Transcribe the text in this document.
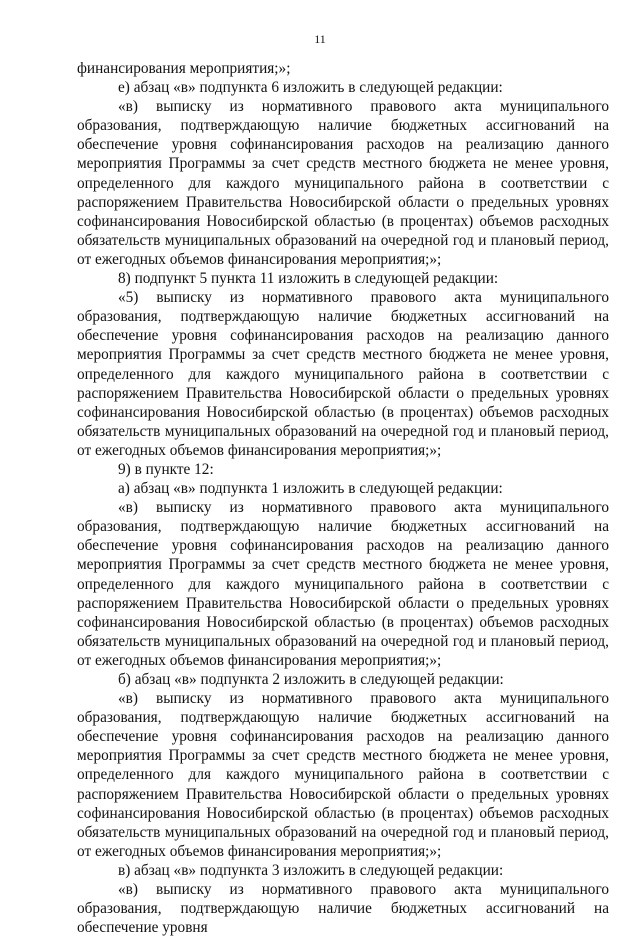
11

финансирования мероприятия;»;

е) абзац «в» подпункта 6 изложить в следующей редакции:

«в) выписку из нормативного правового акта муниципального образования, подтверждающую наличие бюджетных ассигнований на обеспечение уровня софинансирования расходов на реализацию данного мероприятия Программы за счет средств местного бюджета не менее уровня, определенного для каждого муниципального района в соответствии с распоряжением Правительства Новосибирской области о предельных уровнях софинансирования Новосибирской областью (в процентах) объемов расходных обязательств муниципальных образований на очередной год и плановый период, от ежегодных объемов финансирования мероприятия;»;

8) подпункт 5 пункта 11 изложить в следующей редакции:

«5) выписку из нормативного правового акта муниципального образования, подтверждающую наличие бюджетных ассигнований на обеспечение уровня софинансирования расходов на реализацию данного мероприятия Программы за счет средств местного бюджета не менее уровня, определенного для каждого муниципального района в соответствии с распоряжением Правительства Новосибирской области о предельных уровнях софинансирования Новосибирской областью (в процентах) объемов расходных обязательств муниципальных образований на очередной год и плановый период, от ежегодных объемов финансирования мероприятия;»;

9) в пункте 12:

а) абзац «в» подпункта 1 изложить в следующей редакции:

«в) выписку из нормативного правового акта муниципального образования, подтверждающую наличие бюджетных ассигнований на обеспечение уровня софинансирования расходов на реализацию данного мероприятия Программы за счет средств местного бюджета не менее уровня, определенного для каждого муниципального района в соответствии с распоряжением Правительства Новосибирской области о предельных уровнях софинансирования Новосибирской областью (в процентах) объемов расходных обязательств муниципальных образований на очередной год и плановый период, от ежегодных объемов финансирования мероприятия;»;

б) абзац «в» подпункта 2 изложить в следующей редакции:

«в) выписку из нормативного правового акта муниципального образования, подтверждающую наличие бюджетных ассигнований на обеспечение уровня софинансирования расходов на реализацию данного мероприятия Программы за счет средств местного бюджета не менее уровня, определенного для каждого муниципального района в соответствии с распоряжением Правительства Новосибирской области о предельных уровнях софинансирования Новосибирской областью (в процентах) объемов расходных обязательств муниципальных образований на очередной год и плановый период, от ежегодных объемов финансирования мероприятия;»;

в) абзац «в» подпункта 3 изложить в следующей редакции:

«в) выписку из нормативного правового акта муниципального образования, подтверждающую наличие бюджетных ассигнований на обеспечение уровня
